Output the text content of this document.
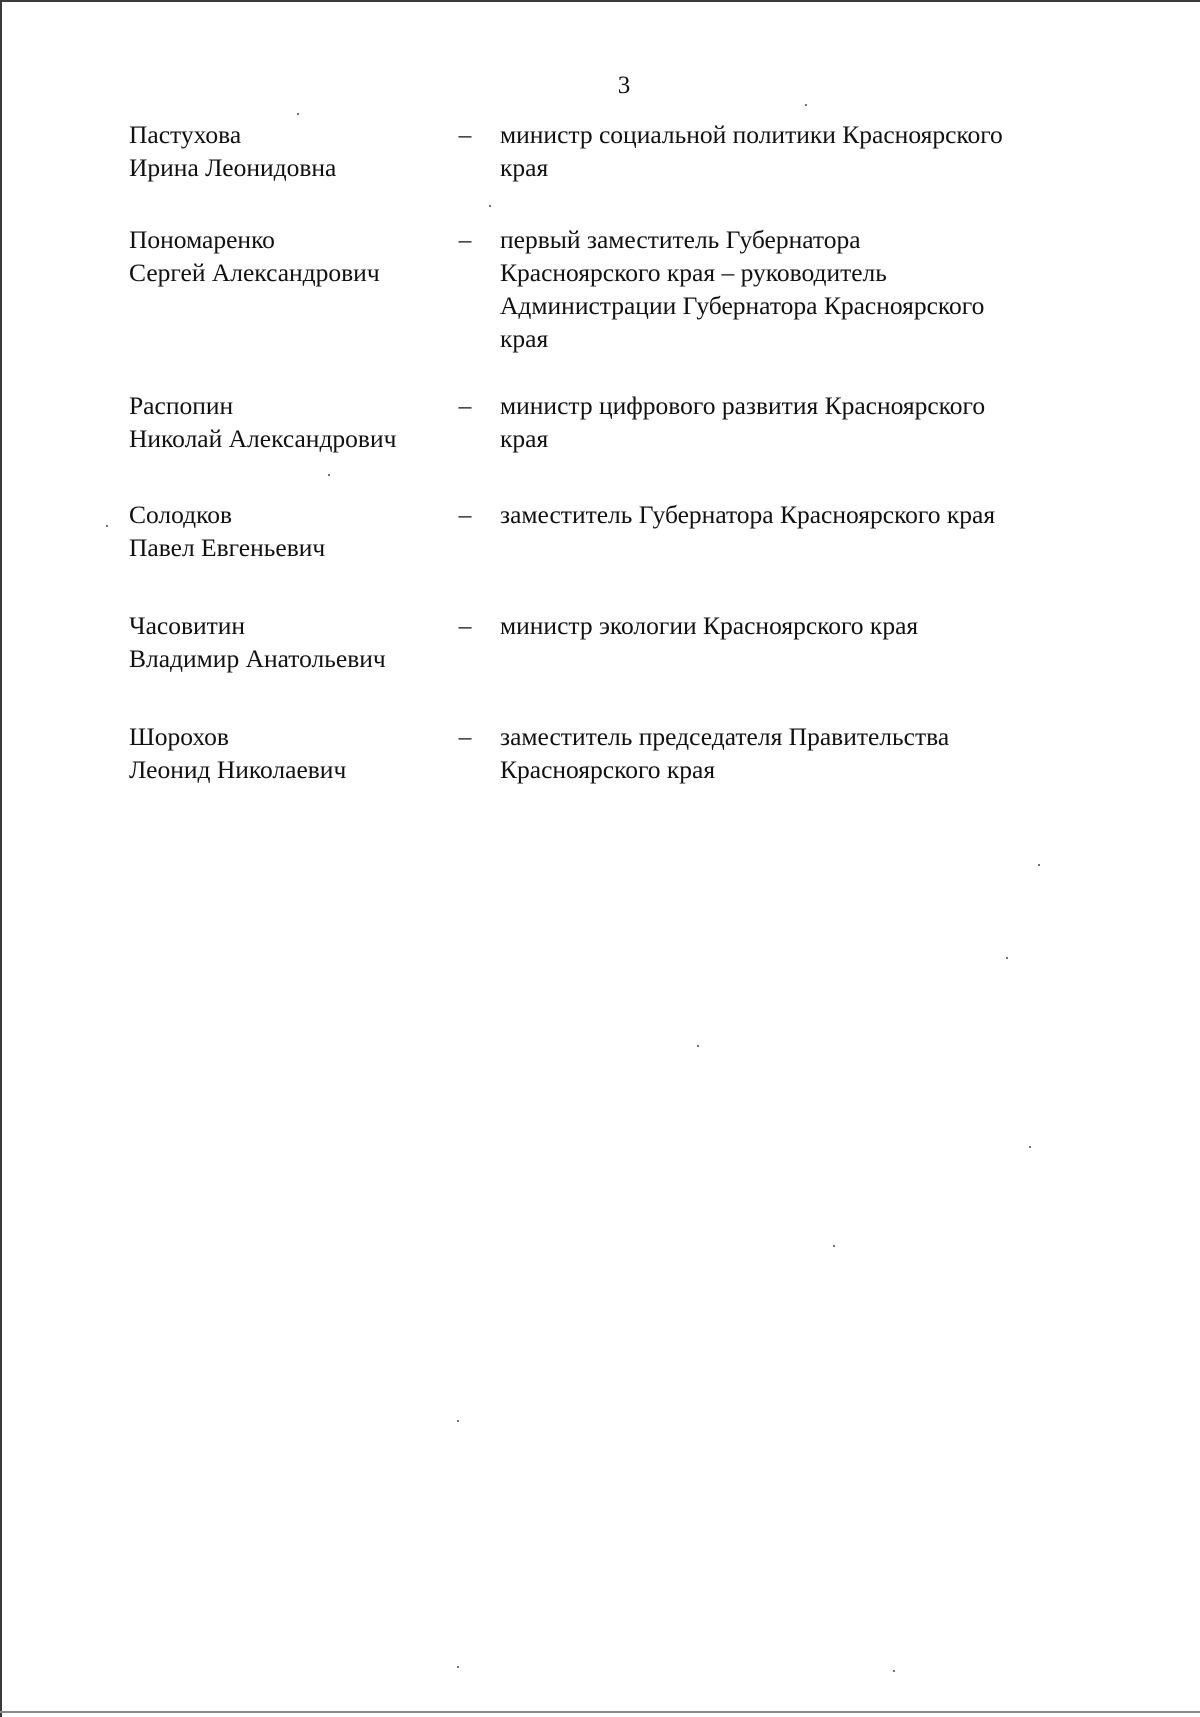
3
Пастухова
Ирина Леонидовна
– министр социальной политики Красноярского
края
Пономаренко
Сергей Александрович
– первый заместитель Губернатора
Красноярского края – руководитель
Администрации Губернатора Красноярского
края
Распопин
Николай Александрович
– министр цифрового развития Красноярского
края
Солодков
Павел Евгеньевич
– заместитель Губернатора Красноярского края
Часовитин
Владимир Анатольевич
– министр экологии Красноярского края
Шорохов
Леонид Николаевич
– заместитель председателя Правительства
Красноярского края
